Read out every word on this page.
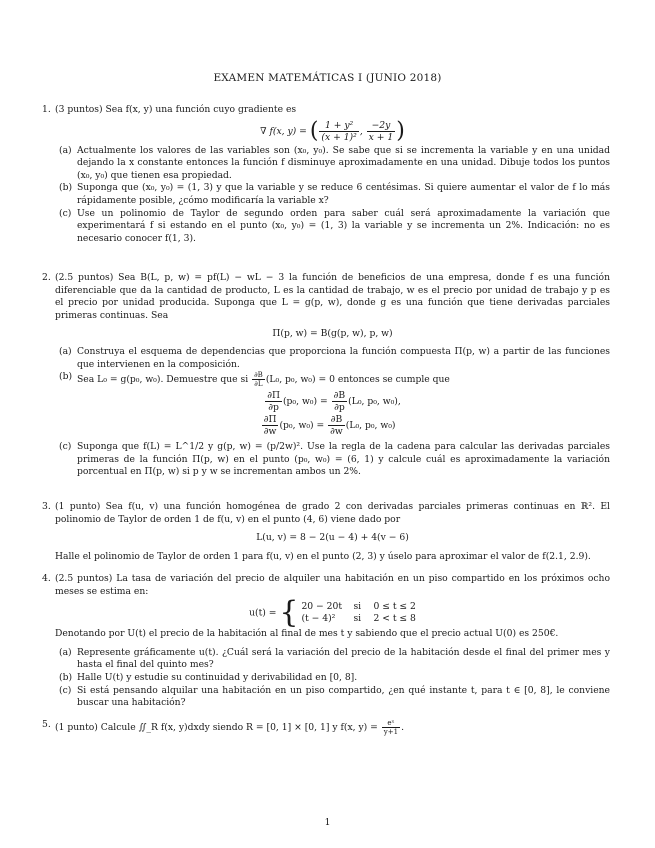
EXAMEN MATEMÁTICAS I (JUNIO 2018)
1. (3 puntos) Sea f(x, y) una función cuyo gradiente es
∇ f(x, y) = ( $\frac{\text{1 + y²}}{\text{(x + 1)²}}$ , $\frac{-2y}{x + 1}$ )
(a) Actualmente los valores de las variables son (x₀, y₀). Se sabe que si se incrementa la variable y en una unidad dejando la x constante entonces la función f disminuye aproximadamente en una unidad. Dibuje todos los puntos (x₀, y₀) que tienen esa propiedad.
(b) Suponga que (x₀, y₀) = (1, 3) y que la variable y se reduce 6 centésimas. Si quiere aumentar el valor de f lo más rápidamente posible, ¿cómo modificaría la variable x?
(c) Use un polinomio de Taylor de segundo orden para saber cuál será aproximadamente la variación que experimentará f si estando en el punto (x₀, y₀) = (1, 3) la variable y se incrementa un 2%. Indicación: no es necesario conocer f(1, 3).
2. (2.5 puntos) Sea B(L, p, w) = pf(L) − wL − 3 la función de beneficios de una empresa, donde f es una función diferenciable que da la cantidad de producto, L es la cantidad de trabajo, w es el precio por unidad de trabajo y p es el precio por unidad producida. Suponga que L = g(p, w), donde g es una función que tiene derivadas parciales primeras continuas. Sea
Π(p, w) = B(g(p, w), p, w)
(a) Construya el esquema de dependencias que proporciona la función compuesta Π(p, w) a partir de las funciones que intervienen en la composición.
(b) Sea L₀ = g(p₀, w₀). Demuestre que si $\frac{\partial B}{\partial L} (L_0$, p₀, w₀) = 0 entonces se cumple que
$\frac{\partial\Pi}{\partial p} (p_0$, $w_0) = \frac{\partial B}{\partial p} (L_0$, p₀, w₀),
$\frac{\partial\Pi}{\partial w} (p_0$, $w_0) = \frac{\partial B}{\partial w} (L_0$, p₀, w₀)
(c) Suponga que f(L) = L^1/2 y g(p, w) = (p/2w)². Use la regla de la cadena para calcular las derivadas parciales primeras de la función Π(p, w) en el punto (p₀, w₀) = (6, 1) y calcule cuál es aproximadamente la variación porcentual en Π(p, w) si p y w se incrementan ambos un 2%.
3. (1 punto) Sea f(u, v) una función homogénea de grado 2 con derivadas parciales primeras continuas en ℝ². El polinomio de Taylor de orden 1 de f(u, v) en el punto (4, 6) viene dado por
L(u, v) = 8 − 2(u − 4) + 4(v − 6)
Halle el polinomio de Taylor de orden 1 para f(u, v) en el punto (2, 3) y úselo para aproximar el valor de f(2.1, 2.9).
4. (2.5 puntos) La tasa de variación del precio de alquiler una habitación en un piso compartido en los próximos ocho meses se estima en:
u(t) = { 20 − 20t si 0 ≤ t ≤ 2
(t − 4)² si 2 < t ≤ 8
Denotando por U(t) el precio de la habitación al final de mes t y sabiendo que el precio actual U(0) es 250€.
(a) Represente gráficamente u(t). ¿Cuál será la variación del precio de la habitación desde el final del primer mes y hasta el final del quinto mes?
(b) Halle U(t) y estudie su continuidad y derivabilidad en [0, 8].
(c) Si está pensando alquilar una habitación en un piso compartido, ¿en qué instante t, para t ∈ [0, 8], le conviene buscar una habitación?
5. (1 punto) Calcule ∬_R f(x, y)dxdy siendo R = [0, 1] × [0, 1] y f(x, $y) = \frac{\text{eˣ}}{y+1}$ .
1
